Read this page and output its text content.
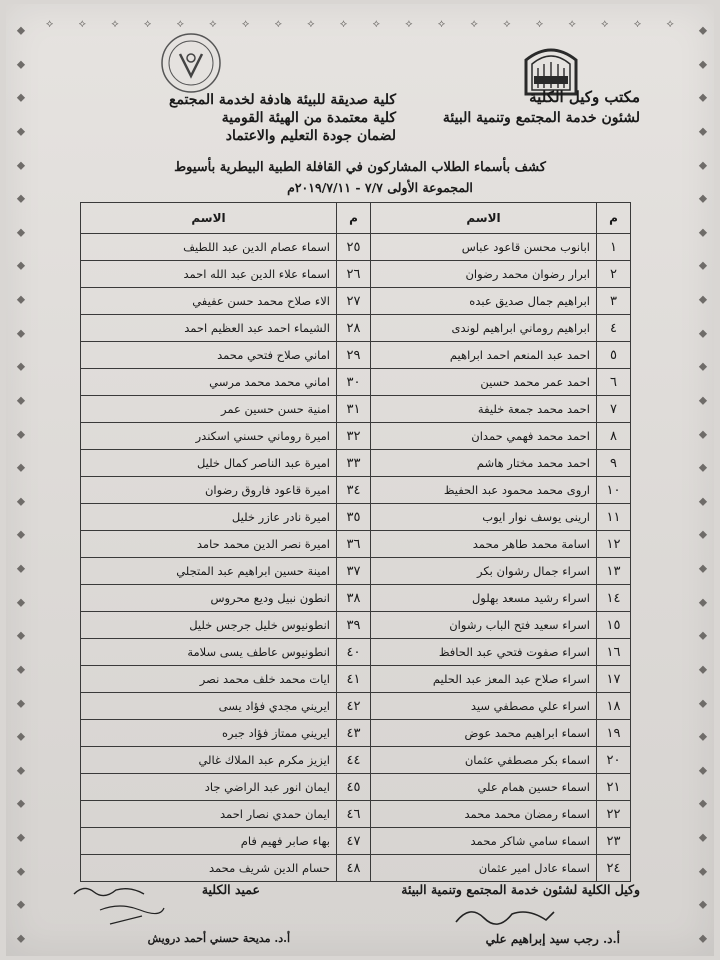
⟡ ⟡ ⟡ ⟡ ⟡ ⟡ ⟡ ⟡ ⟡ ⟡ ⟡ ⟡ ⟡ ⟡ ⟡ ⟡ ⟡ ⟡ ⟡ ⟡
⬥
⬥
⬥
⬥
⬥
⬥
⬥
⬥
⬥
⬥
⬥
⬥
⬥
⬥
⬥
⬥
⬥
⬥
⬥
⬥
⬥
⬥
⬥
⬥
⬥
⬥
⬥
⬥
⬥
⬥
⬥
⬥
⬥
⬥
⬥
⬥
⬥
⬥
⬥
⬥
⬥
⬥
⬥
⬥
⬥
⬥
⬥
⬥
⬥
⬥
⬥
⬥
⬥
⬥
⬥
⬥
مكتب وكيل الكلية
لشئون خدمة المجتمع وتنمية البيئة
كلية صديقة للبيئة هادفة لخدمة المجتمع
كلية معتمدة من الهيئة القومية
لضمان جودة التعليم والاعتماد
كشف بأسماء الطلاب المشاركون في القافلة الطبية البيطرية بأسيوط
المجموعة الأولى ٧/٧ - ٢٠١٩/٧/١١م
م	الاسم	م	الاسم
١	ابانوب محسن قاعود عباس	٢٥	اسماء عصام الدين عبد اللطيف
٢	ابرار رضوان محمد رضوان	٢٦	اسماء علاء الدين عبد الله احمد
٣	ابراهيم جمال صديق عبده	٢٧	الاء صلاح محمد حسن عفيفي
٤	ابراهيم روماني ابراهيم لوندى	٢٨	الشيماء احمد عبد العظيم احمد
٥	احمد عبد المنعم احمد ابراهيم	٢٩	اماني صلاح فتحي محمد
٦	احمد عمر محمد حسين	٣٠	اماني محمد محمد مرسي
٧	احمد محمد جمعة خليفة	٣١	امنية حسن حسين عمر
٨	احمد محمد فهمي حمدان	٣٢	اميرة روماني حسني اسكندر
٩	احمد محمد مختار هاشم	٣٣	اميرة عبد الناصر كمال خليل
١٠	اروى محمد محمود عبد الحفيظ	٣٤	اميرة قاعود فاروق رضوان
١١	ارينى يوسف نوار ايوب	٣٥	اميرة نادر عازر خليل
١٢	اسامة محمد طاهر محمد	٣٦	اميرة نصر الدين محمد حامد
١٣	اسراء جمال رشوان بكر	٣٧	امينة حسين ابراهيم عبد المتجلي
١٤	اسراء رشيد مسعد بهلول	٣٨	انطون نبيل وديع محروس
١٥	اسراء سعيد فتح الباب رشوان	٣٩	انطونيوس خليل جرجس خليل
١٦	اسراء صفوت فتحي عبد الحافظ	٤٠	انطونيوس عاطف يسى سلامة
١٧	اسراء صلاح عبد المعز عبد الحليم	٤١	ايات محمد خلف محمد نصر
١٨	اسراء علي مصطفي سيد	٤٢	ايريني مجدي فؤاد يسى
١٩	اسماء ابراهيم محمد عوض	٤٣	ايريني ممتاز فؤاد جبره
٢٠	اسماء بكر مصطفي عثمان	٤٤	ايزيز مكرم عبد الملاك غالي
٢١	اسماء حسين همام علي	٤٥	ايمان انور عبد الراضي جاد
٢٢	اسماء رمضان محمد محمد	٤٦	ايمان حمدي نصار احمد
٢٣	اسماء سامي شاكر محمد	٤٧	بهاء صابر فهيم فام
٢٤	اسماء عادل امير عثمان	٤٨	حسام الدين شريف محمد
وكيل الكلية لشئون خدمة المجتمع وتنمية البيئة
أ.د. رجب سيد إبراهيم علي
عميد الكلية
أ.د. مديحة حسني أحمد درويش
